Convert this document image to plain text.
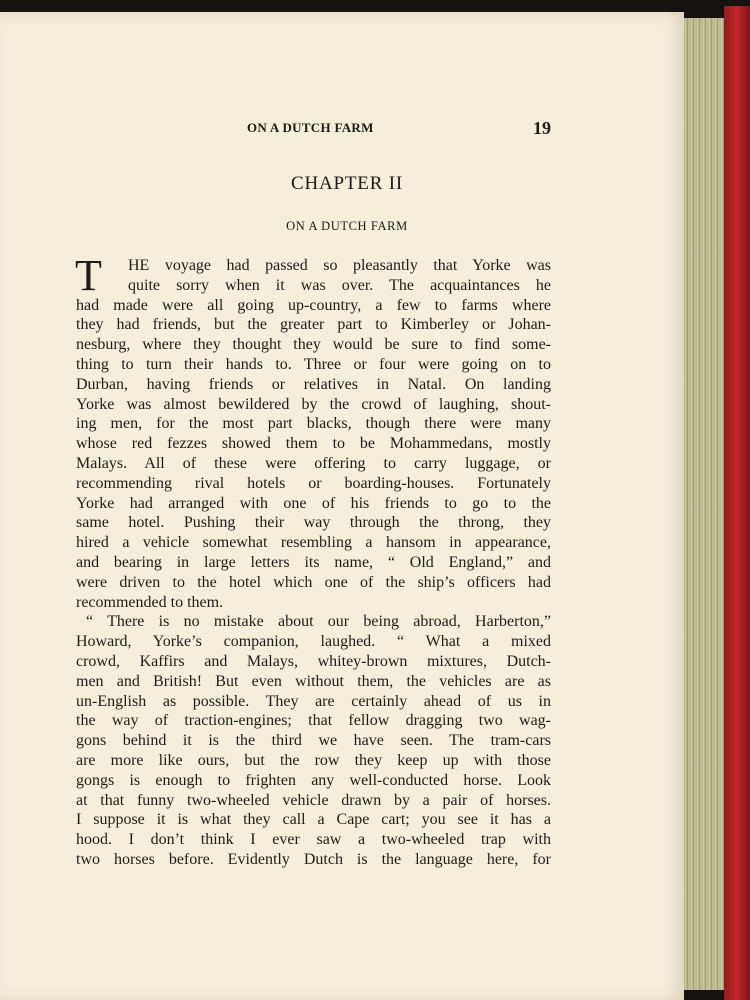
ON A DUTCH FARM	19
CHAPTER II
ON A DUTCH FARM
T	HE voyage had passed so pleasantly that Yorke was
quite sorry when it was over. The acquaintances he
had made were all going up-country, a few to farms where
they had friends, but the greater part to Kimberley or Johan-
nesburg, where they thought they would be sure to find some-
thing to turn their hands to. Three or four were going on to
Durban, having friends or relatives in Natal. On landing
Yorke was almost bewildered by the crowd of laughing, shout-
ing men, for the most part blacks, though there were many
whose red fezzes showed them to be Mohammedans, mostly
Malays. All of these were offering to carry luggage, or
recommending rival hotels or boarding-houses. Fortunately
Yorke had arranged with one of his friends to go to the
same hotel. Pushing their way through the throng, they
hired a vehicle somewhat resembling a hansom in appearance,
and bearing in large letters its name, “ Old England,” and
were driven to the hotel which one of the ship’s officers had
recommended to them.
“ There is no mistake about our being abroad, Harberton,”
Howard, Yorke’s companion, laughed. “ What a mixed
crowd, Kaffirs and Malays, whitey-brown mixtures, Dutch-
men and British! But even without them, the vehicles are as
un-English as possible. They are certainly ahead of us in
the way of traction-engines; that fellow dragging two wag-
gons behind it is the third we have seen. The tram-cars
are more like ours, but the row they keep up with those
gongs is enough to frighten any well-conducted horse. Look
at that funny two-wheeled vehicle drawn by a pair of horses.
I suppose it is what they call a Cape cart; you see it has a
hood. I don’t think I ever saw a two-wheeled trap with
two horses before. Evidently Dutch is the language here, for
